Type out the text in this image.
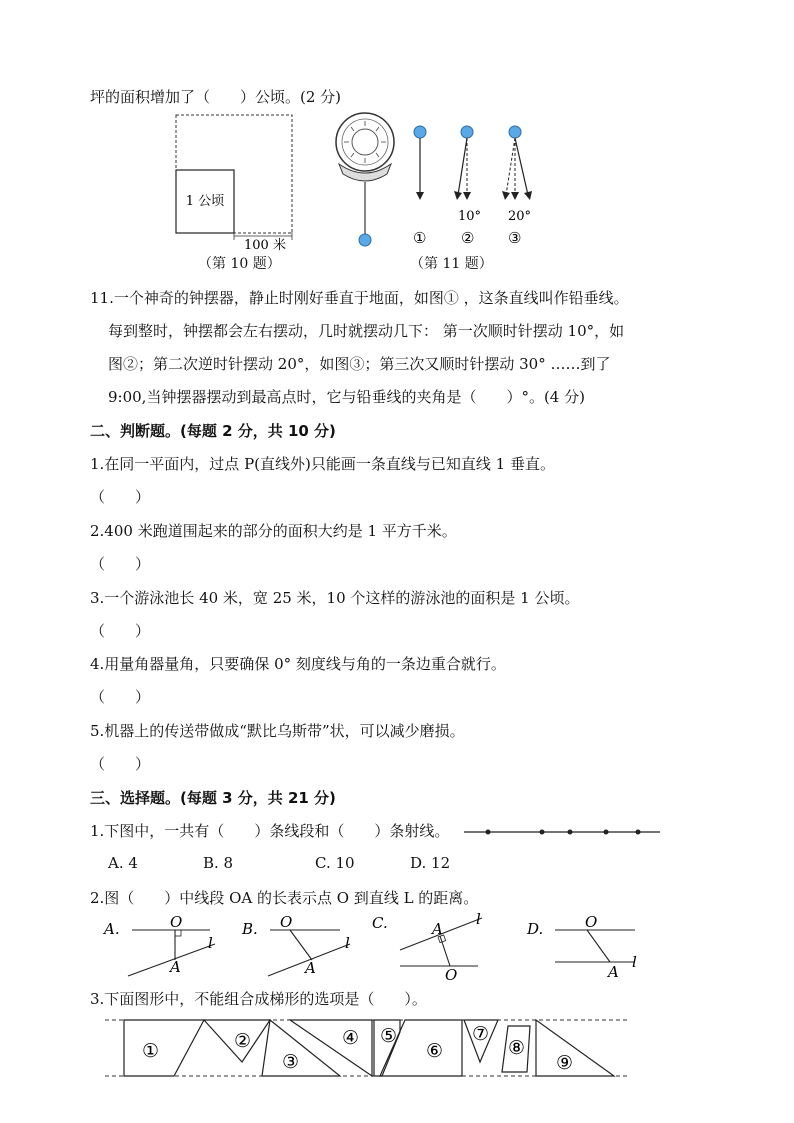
坪的面积增加了（　　）公顷。(2 分)
1 公顷
100 米
（第 10 题）
10° 20°
① ② ③
（第 11 题）
11.一个神奇的钟摆器，静止时刚好垂直于地面，如图① ，这条直线叫作铅垂线。
每到整时，钟摆都会左右摆动，几时就摆动几下： 第一次顺时针摆动 10°，如
图②；第二次逆时针摆动 20°，如图③；第三次又顺时针摆动 30° ……到了
9:00,当钟摆器摆动到最高点时，它与铅垂线的夹角是（　　）°。(4 分)
二、判断题。(每题 2 分，共 10 分)
1.在同一平面内，过点 P(直线外)只能画一条直线与已知直线 1 垂直。
（　　）
2.400 米跑道围起来的部分的面积大约是 1 平方千米。
（　　）
3.一个游泳池长 40 米，宽 25 米，10 个这样的游泳池的面积是 1 公顷。
（　　）
4.用量角器量角，只要确保 0° 刻度线与角的一条边重合就行。
（　　）
5.机器上的传送带做成“默比乌斯带”状，可以减少磨损。
（　　）
三、选择题。(每题 3 分，共 21 分)
1.下图中，一共有（　　）条线段和（　　）条射线。
A. 4	B. 8	C. 10	D. 12
2.图（　　）中线段 OA 的长表示点 O 到直线 L 的距离。
A.	O
A
l
B. O
A
l
C.	A
O
l
D.	O
A
l
3.下面图形中，不能组合成梯形的选项是（　　）。
①	②
③
④ ⑤
⑥
⑦
⑧
⑨
